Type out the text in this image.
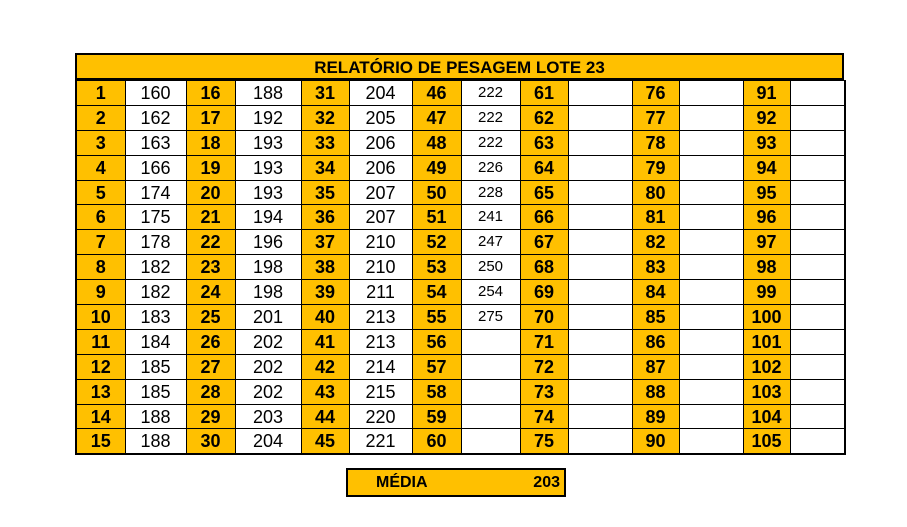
RELATÓRIO DE PESAGEM LOTE 23
1	160	16	188	31	204	46	222	61		76		91	
2	162	17	192	32	205	47	222	62		77		92	
3	163	18	193	33	206	48	222	63		78		93	
4	166	19	193	34	206	49	226	64		79		94	
5	174	20	193	35	207	50	228	65		80		95	
6	175	21	194	36	207	51	241	66		81		96	
7	178	22	196	37	210	52	247	67		82		97	
8	182	23	198	38	210	53	250	68		83		98	
9	182	24	198	39	211	54	254	69		84		99	
10	183	25	201	40	213	55	275	70		85		100	
11	184	26	202	41	213	56		71		86		101	
12	185	27	202	42	214	57		72		87		102	
13	185	28	202	43	215	58		73		88		103	
14	188	29	203	44	220	59		74		89		104	
15	188	30	204	45	221	60		75		90		105	
MÉDIA	203
